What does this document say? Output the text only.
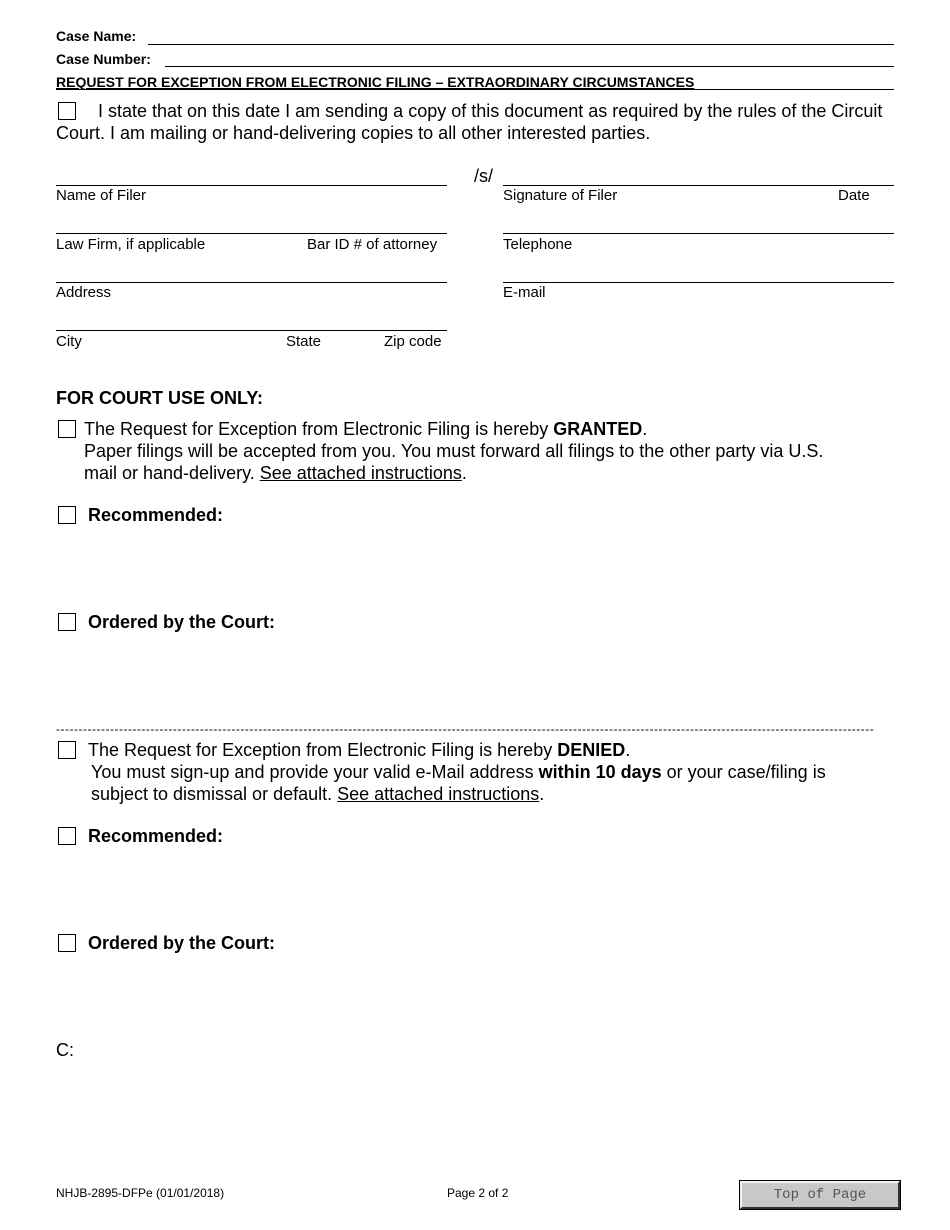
Case Name:
Case Number:
REQUEST FOR EXCEPTION FROM ELECTRONIC FILING – EXTRAORDINARY CIRCUMSTANCES
I state that on this date I am sending a copy of this document as required by the rules of the Circuit Court. I am mailing or hand-delivering copies to all other interested parties.
/s/
Name of Filer	Signature of Filer	Date
Law Firm, if applicable	Bar ID # of attorney	Telephone
Address	E-mail
City	State	Zip code
FOR COURT USE ONLY:
The Request for Exception from Electronic Filing is hereby GRANTED.
Paper filings will be accepted from you. You must forward all filings to the other party via U.S.
mail or hand-delivery. See attached instructions.
Recommended:
Ordered by the Court:
--------------------------------------------------------------------------------------------------------------------------------------------------------------------------------------
The Request for Exception from Electronic Filing is hereby DENIED.
You must sign-up and provide your valid e-Mail address within 10 days or your case/filing is
subject to dismissal or default. See attached instructions.
Recommended:
Ordered by the Court:
C:
NHJB-2895-DFPe (01/01/2018)	Page 2 of 2	Top of Page
